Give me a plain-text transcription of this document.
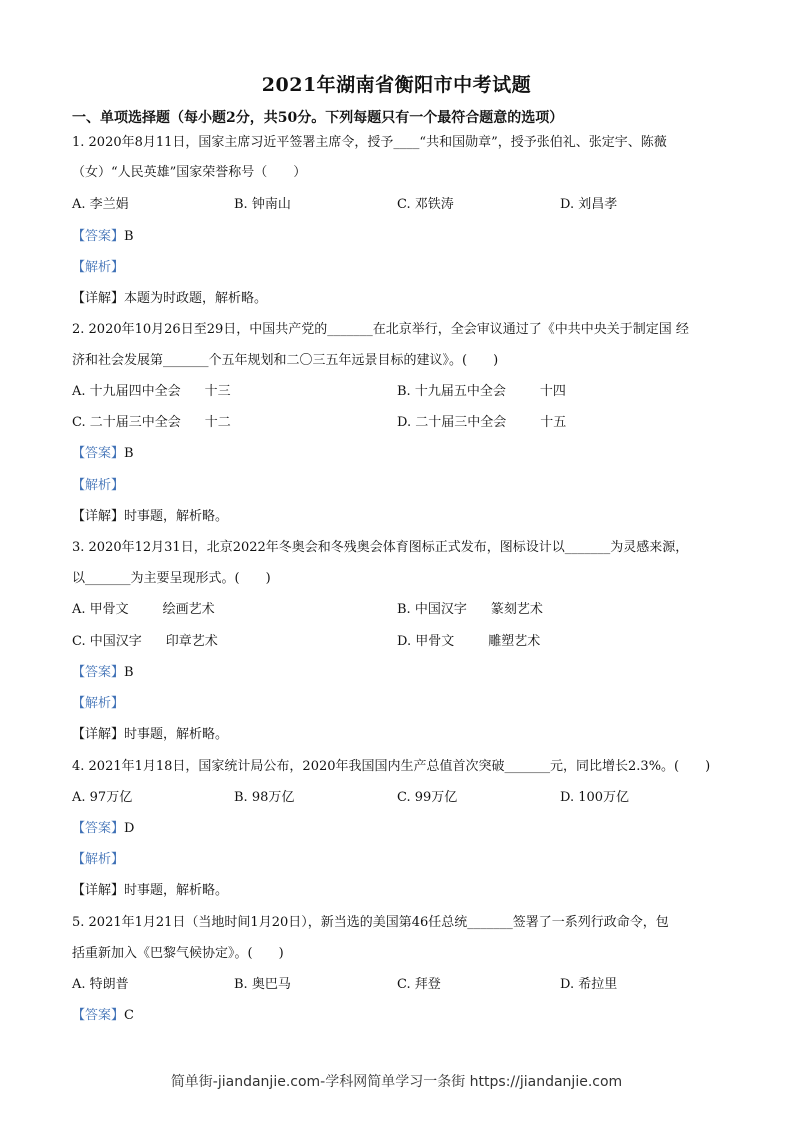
2021年湖南省衡阳市中考试题
一、单项选择题（每小题2分，共50分。下列每题只有一个最符合题意的选项）
1. 2020年8月11日，国家主席习近平签署主席令，授予____“共和国勋章”，授予张伯礼、张定宇、陈薇
（女）“人民英雄”国家荣誉称号（　　）
A. 李兰娟	B. 钟南山	C. 邓铁涛	D. 刘昌孝
【答案】B
【解析】
【详解】本题为时政题，解析略。
2. 2020年10月26日至29日，中国共产党的_______在北京举行，全会审议通过了《中共中央关于制定国 经
济和社会发展第_______个五年规划和二〇三五年远景目标的建议》。(　　)
A. 十九届四中全会 十三	B. 十九届五中全会	十四
C. 二十届三中全会 十二	D. 二十届三中全会	十五
【答案】B
【解析】
【详解】时事题，解析略。
3. 2020年12月31日，北京2022年冬奥会和冬残奥会体育图标正式发布，图标设计以_______为灵感来源，
以_______为主要呈现形式。(　　)
A. 甲骨文	绘画艺术	B. 中国汉字 篆刻艺术
C. 中国汉字 印章艺术	D. 甲骨文	雕塑艺术
【答案】B
【解析】
【详解】时事题，解析略。
4. 2021年1月18日，国家统计局公布，2020年我国国内生产总值首次突破_______元，同比增长2.3%。(　　)
A. 97万亿	B. 98万亿	C. 99万亿	D. 100万亿
【答案】D
【解析】
【详解】时事题，解析略。
5. 2021年1月21日（当地时间1月20日），新当选的美国第46任总统_______签署了一系列行政命令，包
括重新加入《巴黎气候协定》。(　　)
A. 特朗普	B. 奥巴马	C. 拜登	D. 希拉里
【答案】C
简单街-jiandanjie.com-学科网简单学习一条街 https://jiandanjie.com
